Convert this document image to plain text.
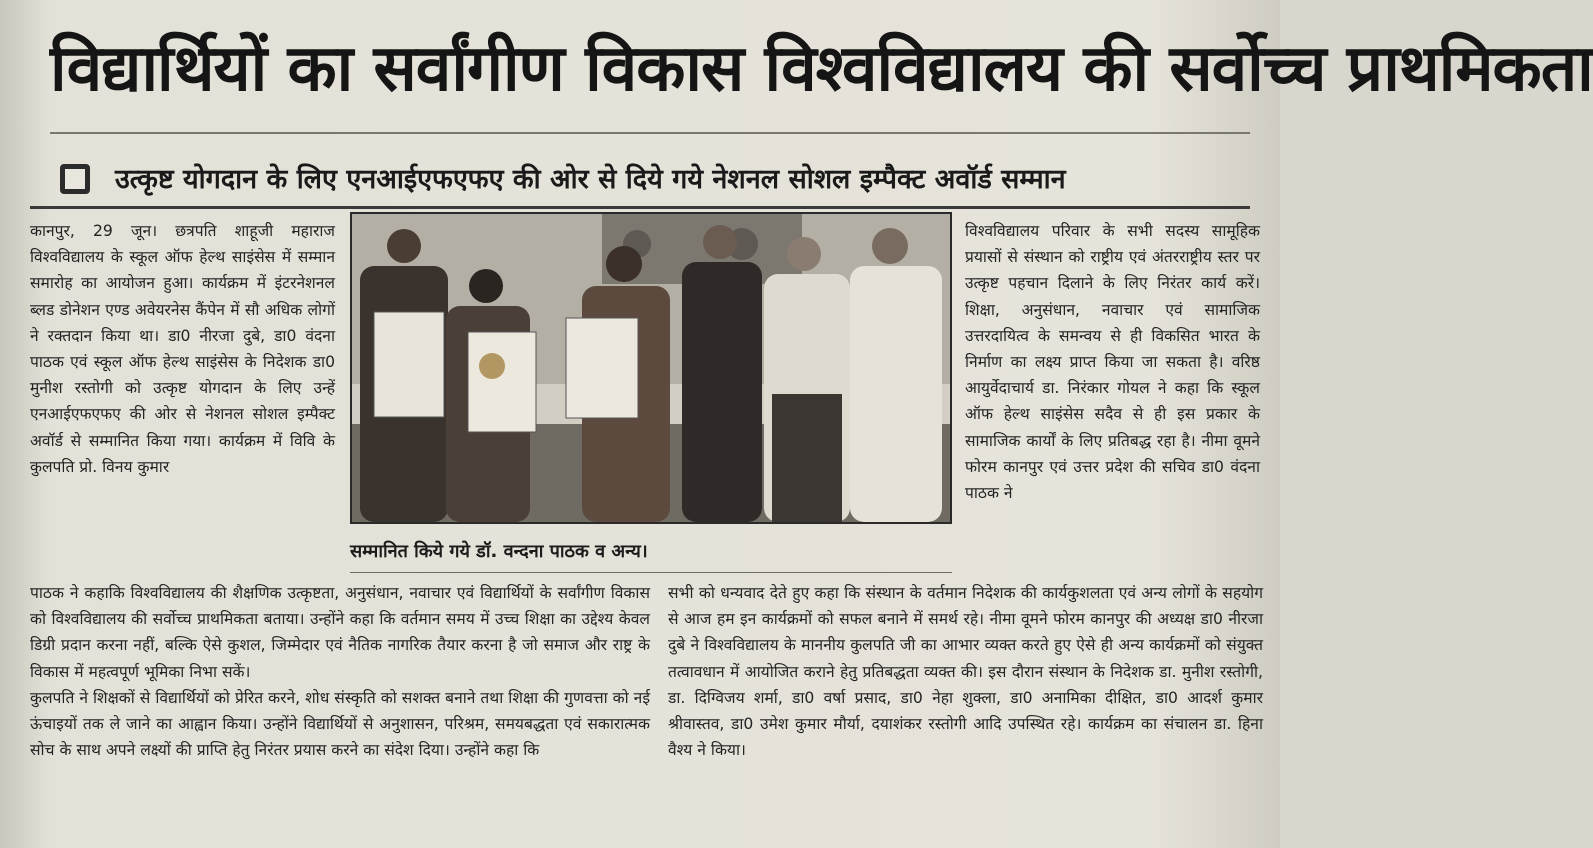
विद्यार्थियों का सर्वांगीण विकास विश्वविद्यालय की सर्वोच्च प्राथमिकता
उत्कृष्ट योगदान के लिए एनआईएफएफए की ओर से दिये गये नेशनल सोशल इम्पैक्ट अवॉर्ड सम्मान

कानपुर, 29 जून। छत्रपति शाहूजी महाराज विश्वविद्यालय के स्कूल ऑफ हेल्थ साइंसेस में सम्मान समारोह का आयोजन हुआ। कार्यक्रम में इंटरनेशनल ब्लड डोनेशन एण्ड अवेयरनेस कैंपेन में सौ अधिक लोगों ने रक्तदान किया था। डा0 नीरजा दुबे, डा0 वंदना पाठक एवं स्कूल ऑफ हेल्थ साइंसेस के निदेशक डा0 मुनीश रस्तोगी को उत्कृष्ट योगदान के लिए उन्हें एनआईएफएफए की ओर से नेशनल सोशल इम्पैक्ट अवॉर्ड से सम्मानित किया गया। कार्यक्रम में विवि के कुलपति प्रो. विनय कुमार

सम्मानित किये गये डॉ. वन्दना पाठक व अन्य।

विश्वविद्यालय परिवार के सभी सदस्य सामूहिक प्रयासों से संस्थान को राष्ट्रीय एवं अंतरराष्ट्रीय स्तर पर उत्कृष्ट पहचान दिलाने के लिए निरंतर कार्य करें। शिक्षा, अनुसंधान, नवाचार एवं सामाजिक उत्तरदायित्व के समन्वय से ही विकसित भारत के निर्माण का लक्ष्य प्राप्त किया जा सकता है। वरिष्ठ आयुर्वेदाचार्य डा. निरंकार गोयल ने कहा कि स्कूल ऑफ हेल्थ साइंसेस सदैव से ही इस प्रकार के सामाजिक कार्यों के लिए प्रतिबद्ध रहा है। नीमा वूमने फोरम कानपुर एवं उत्तर प्रदेश की सचिव डा0 वंदना पाठक ने

पाठक ने कहाकि विश्वविद्यालय की शैक्षणिक उत्कृष्टता, अनुसंधान, नवाचार एवं विद्यार्थियों के सर्वांगीण विकास को विश्वविद्यालय की सर्वोच्च प्राथमिकता बताया। उन्होंने कहा कि वर्तमान समय में उच्च शिक्षा का उद्देश्य केवल डिग्री प्रदान करना नहीं, बल्कि ऐसे कुशल, जिम्मेदार एवं नैतिक नागरिक तैयार करना है जो समाज और राष्ट्र के विकास में महत्वपूर्ण भूमिका निभा सकें।

कुलपति ने शिक्षकों से विद्यार्थियों को प्रेरित करने, शोध संस्कृति को सशक्त बनाने तथा शिक्षा की गुणवत्ता को नई ऊंचाइयों तक ले जाने का आह्वान किया। उन्होंने विद्यार्थियों से अनुशासन, परिश्रम, समयबद्धता एवं सकारात्मक सोच के साथ अपने लक्ष्यों की प्राप्ति हेतु निरंतर प्रयास करने का संदेश दिया। उन्होंने कहा कि

सभी को धन्यवाद देते हुए कहा कि संस्थान के वर्तमान निदेशक की कार्यकुशलता एवं अन्य लोगों के सहयोग से आज हम इन कार्यक्रमों को सफल बनाने में समर्थ रहे। नीमा वूमने फोरम कानपुर की अध्यक्ष डा0 नीरजा दुबे ने विश्वविद्यालय के माननीय कुलपति जी का आभार व्यक्त करते हुए ऐसे ही अन्य कार्यक्रमों को संयुक्त तत्वावधान में आयोजित कराने हेतु प्रतिबद्धता व्यक्त की। इस दौरान संस्थान के निदेशक डा. मुनीश रस्तोगी, डा. दिग्विजय शर्मा, डा0 वर्षा प्रसाद, डा0 नेहा शुक्ला, डा0 अनामिका दीक्षित, डा0 आदर्श कुमार श्रीवास्तव, डा0 उमेश कुमार मौर्या, दयाशंकर रस्तोगी आदि उपस्थित रहे। कार्यक्रम का संचालन डा. हिना वैश्य ने किया।
